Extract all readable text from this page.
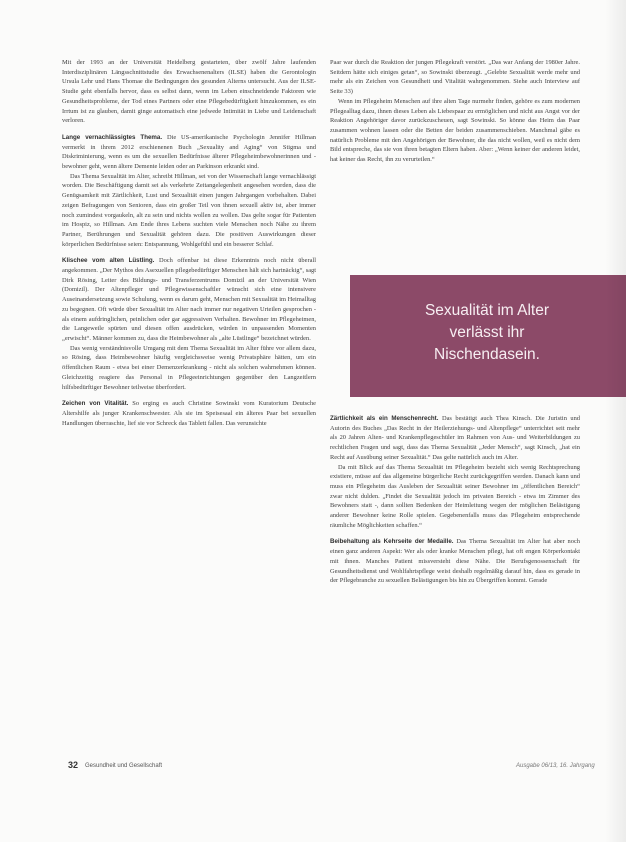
Mit der 1993 an der Universität Heidelberg gestarteten, über zwölf Jahre laufenden Interdisziplinären Längsschnittstudie des Erwachsenenalters (ILSE) haben die Gerontologin Ursula Lehr und Hans Thomae die Bedingungen des gesunden Alterns untersucht. Aus der ILSE-Studie geht ebenfalls hervor, dass es selbst dann, wenn im Leben einschneidende Faktoren wie Gesundheitsprobleme, der Tod eines Partners oder eine Pflegebedürftigkeit hinzukommen, es ein Irrtum ist zu glauben, damit ginge automatisch eine jedwede Intimität in Liebe und Leidenschaft verloren.

Lange vernachlässigtes Thema. Die US-amerikanische Psychologin Jennifer Hillman vermerkt in ihrem 2012 erschienenen Buch „Sexuality and Aging“ von Stigma und Diskriminierung, wenn es um die sexuellen Bedürfnisse älterer Pflegeheimbewohnerinnen und -bewohner geht, wenn ältere Demente leiden oder an Parkinson erkrankt sind.

Das Thema Sexualität im Alter, schreibt Hillman, sei von der Wissenschaft lange vernachlässigt worden. Die Beschäftigung damit sei als verkehrte Zeitangelegenheit angesehen worden, dass die Genügsamkeit mit Zärtlichkeit, Lust und Sexualität einen jungen Jahrgangen vorbehalten. Dabei zeigen Befragungen von Senioren, dass ein großer Teil von ihnen sexuell aktiv ist, aber immer noch zumindest vorgaukeln, alt zu sein und nichts wollen zu wollen. Das gelte sogar für Patienten im Hospiz, so Hillman. Am Ende ihres Lebens suchten viele Menschen noch Nähe zu ihrem Partner, Berührungen und Sexualität gehören dazu. Die positiven Auswirkungen dieser körperlichen Bedürfnisse seien: Entspannung, Wohlgefühl und ein besserer Schlaf.

Klischee vom alten Lüstling. Doch offenbar ist diese Erkenntnis noch nicht überall angekommen. „Der Mythos des Asexuellen pflegebedürftiger Menschen hält sich hartnäckig“, sagt Dirk Rösing, Leiter des Bildungs- und Transferzentrums Domizil an der Universität Wien (Domizil). Der Altenpfleger und Pflegewissenschaftler wünscht sich eine intensivere Auseinandersetzung sowie Schulung, wenn es darum geht, Menschen mit Sexualität im Heimalltag zu begegnen. Oft würde über Sexualität im Alter nach immer nur negativen Urteilen gesprochen - als einem aufdringlichen, peinlichen oder gar aggressiven Verhalten. Bewohner im Pflegeheimen, die Langeweile spürten und diesen offen ausdrücken, würden in unpassenden Momenten „erwischt“. Männer kommen zu, dass die Heimbewohner als „alte Lüstlinge“ bezeichnet würden.

Das wenig verständnisvolle Umgang mit dem Thema Sexualität im Alter führe vor allem dazu, so Rösing, dass Heimbewohner häufig vergleichsweise wenig Privatsphäre hätten, um ein öffentlichen Raum - etwa bei einer Demenzerkrankung - nicht als solchen wahrnehmen können. Gleichzeitig reagiere das Personal in Pflegeeinrichtungen gegenüber den Langzeitlern hilfsbedürftiger Bewohner teilweise überfordert.

Zeichen von Vitalität. So erging es auch Christine Sowinski vom Kuratorium Deutsche Altershilfe als junger Krankenschwester. Als sie im Speisesaal ein älteres Paar bei sexuellen Handlungen überraschte, lief sie vor Schreck das Tablett fallen. Das verunsichte

Paar war durch die Reaktion der jungen Pflegekraft verstört. „Das war Anfang der 1980er Jahre. Seitdem hätte sich einiges getan“, so Sowinski überzeugt. „Gelebte Sexualität werde mehr und mehr als ein Zeichen von Gesundheit und Vitalität wahrgenommen. Siehe auch Interview auf Seite 33)

Wenn im Pflegeheim Menschen auf ihre alten Tage nurmehr finden, gehöre es zum modernen Pflegealltag dazu, ihnen dieses Leben als Liebespaar zu ermöglichen und nicht aus Angst vor der Reaktion Angehöriger davor zurückzuscheuen, sagt Sowinski. So könne das Heim das Paar zusammen wohnen lassen oder die Betten der beiden zusammenschieben. Manchmal gäbe es natürlich Probleme mit den Angehörigen der Bewohner, die das nicht wollen, weil es nicht dem Bild entspreche, das sie von ihren betagten Eltern haben. Aber: „Wenn keiner der anderen leidet, hat keiner das Recht, ihn zu verurteilen.“

Sexualität im Alter
verlässt ihr
Nischendasein.

Zärtlichkeit als ein Menschenrecht. Das bestätigt auch Thea Kinsch. Die Juristin und Autorin des Buches „Das Recht in der Heilerziehungs- und Altenpflege“ unterrichtet seit mehr als 20 Jahren Alten- und Krankenpflegeschüler im Rahmen von Aus- und Weiterbildungen zu rechtlichen Fragen und sagt, dass das Thema Sexualität „Jeder Mensch“, sagt Kinsch, „hat ein Recht auf Ausübung seiner Sexualität.“ Das gelte natürlich auch im Alter.

Da mit Blick auf das Thema Sexualität im Pflegeheim bezieht sich wenig Rechtsprechung existiere, müsse auf das allgemeine bürgerliche Recht zurückgegriffen werden. Danach kann und muss ein Pflegeheim das Ausleben der Sexualität seiner Bewohner im „öffentlichen Bereich“ zwar nicht dulden. „Findet die Sexualität jedoch im privaten Bereich - etwa im Zimmer des Bewohners statt -, dann sollten Bedenken der Heimleitung wegen der möglichen Belästigung anderer Bewohner keine Rolle spielen. Gegebenenfalls muss das Pflegeheim entsprechende räumliche Möglichkeiten schaffen.“

Beibehaltung als Kehrseite der Medaille. Das Thema Sexualität im Alter hat aber noch einen ganz anderen Aspekt: Wer als oder kranke Menschen pflegt, hat oft engen Körperkontakt mit ihnen. Manches Patient missversteht diese Nähe. Die Berufsgenossenschaft für Gesundheitsdienst und Wohlfahrtspflege weist deshalb regelmäßig darauf hin, dass es gerade in der Pflegebranche zu sexuellen Belästigungen bis hin zu Übergriffen kommt. Gerade

32 Gesundheit und Gesellschaft	Ausgabe 06/13, 16. Jahrgang
